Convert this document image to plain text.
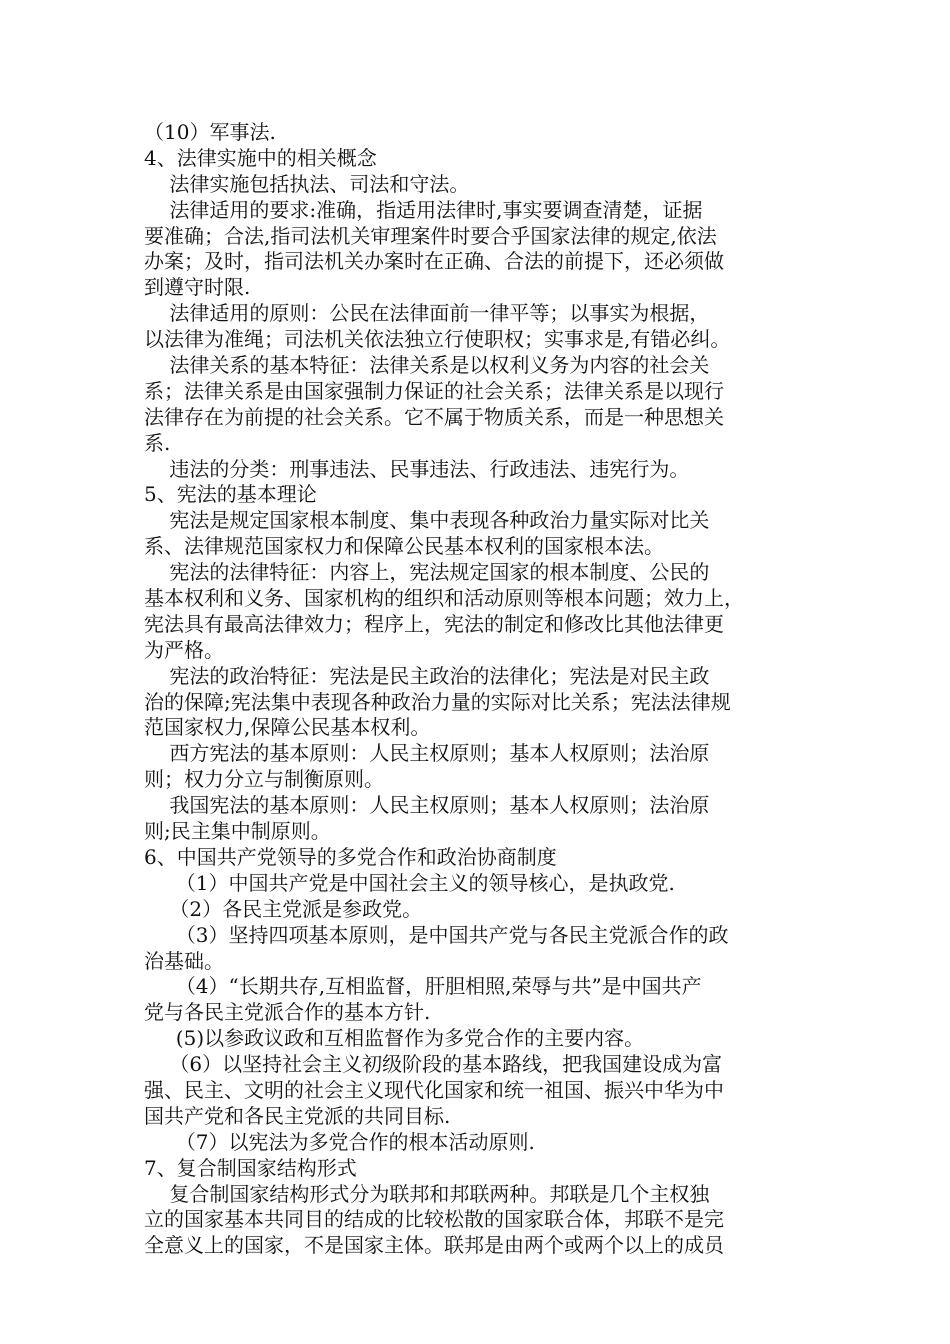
（10）军事法.
4、法律实施中的相关概念
法律实施包括执法、司法和守法。
法律适用的要求:准确，指适用法律时,事实要调查清楚，证据
要准确；合法,指司法机关审理案件时要合乎国家法律的规定,依法
办案；及时，指司法机关办案时在正确、合法的前提下，还必须做
到遵守时限.
法律适用的原则：公民在法律面前一律平等；以事实为根据，
以法律为准绳；司法机关依法独立行使职权；实事求是,有错必纠。
法律关系的基本特征：法律关系是以权利义务为内容的社会关
系；法律关系是由国家强制力保证的社会关系；法律关系是以现行
法律存在为前提的社会关系。它不属于物质关系，而是一种思想关
系.
违法的分类：刑事违法、民事违法、行政违法、违宪行为。
5、宪法的基本理论
宪法是规定国家根本制度、集中表现各种政治力量实际对比关
系、法律规范国家权力和保障公民基本权利的国家根本法。
宪法的法律特征：内容上，宪法规定国家的根本制度、公民的
基本权利和义务、国家机构的组织和活动原则等根本问题；效力上，
宪法具有最高法律效力；程序上，宪法的制定和修改比其他法律更
为严格。
宪法的政治特征：宪法是民主政治的法律化；宪法是对民主政
治的保障;宪法集中表现各种政治力量的实际对比关系；宪法法律规
范国家权力,保障公民基本权利。
西方宪法的基本原则：人民主权原则；基本人权原则；法治原
则；权力分立与制衡原则。
我国宪法的基本原则：人民主权原则；基本人权原则；法治原
则;民主集中制原则。
6、中国共产党领导的多党合作和政治协商制度
（1）中国共产党是中国社会主义的领导核心，是执政党.
（2）各民主党派是参政党。
（3）坚持四项基本原则，是中国共产党与各民主党派合作的政
治基础。
（4）“长期共存,互相监督，肝胆相照,荣辱与共”是中国共产
党与各民主党派合作的基本方针.
(5)以参政议政和互相监督作为多党合作的主要内容。
（6）以坚持社会主义初级阶段的基本路线，把我国建设成为富
强、民主、文明的社会主义现代化国家和统一祖国、振兴中华为中
国共产党和各民主党派的共同目标.
（7）以宪法为多党合作的根本活动原则.
7、复合制国家结构形式
复合制国家结构形式分为联邦和邦联两种。邦联是几个主权独
立的国家基本共同目的结成的比较松散的国家联合体，邦联不是完
全意义上的国家，不是国家主体。联邦是由两个或两个以上的成员
